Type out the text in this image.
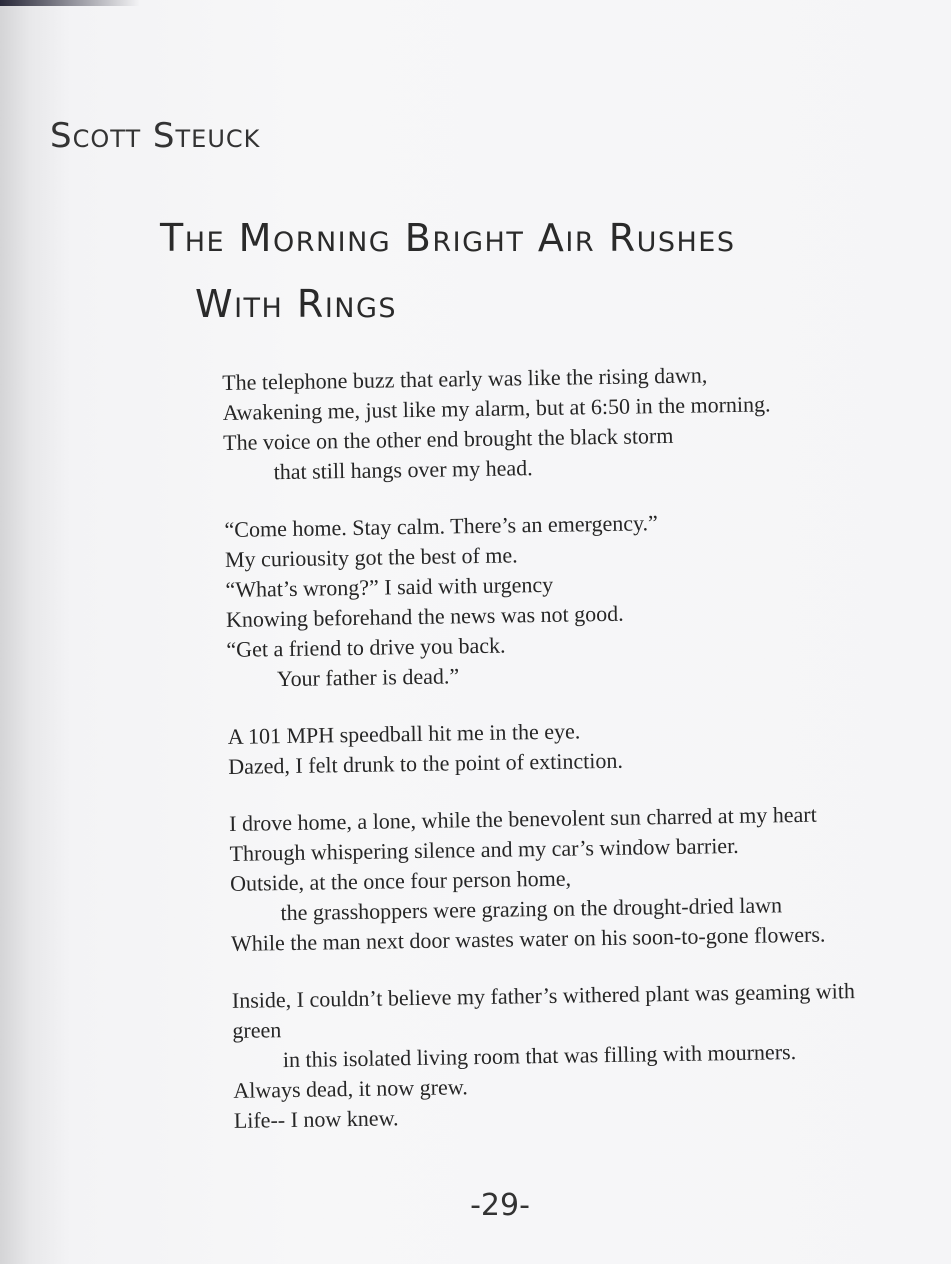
Scott Steuck
The Morning Bright Air Rushes
With Rings
The telephone buzz that early was like the rising dawn,
Awakening me, just like my alarm, but at 6:50 in the morning.
The voice on the other end brought the black storm
that still hangs over my head.
“Come home. Stay calm. There’s an emergency.”
My curiousity got the best of me.
“What’s wrong?” I said with urgency
Knowing beforehand the news was not good.
“Get a friend to drive you back.
Your father is dead.”
A 101 MPH speedball hit me in the eye.
Dazed, I felt drunk to the point of extinction.
I drove home, a lone, while the benevolent sun charred at my heart
Through whispering silence and my car’s window barrier.
Outside, at the once four person home,
the grasshoppers were grazing on the drought-dried lawn
While the man next door wastes water on his soon-to-gone flowers.
Inside, I couldn’t believe my father’s withered plant was geaming with green
in this isolated living room that was filling with mourners.
Always dead, it now grew.
Life-- I now knew.
-29-
